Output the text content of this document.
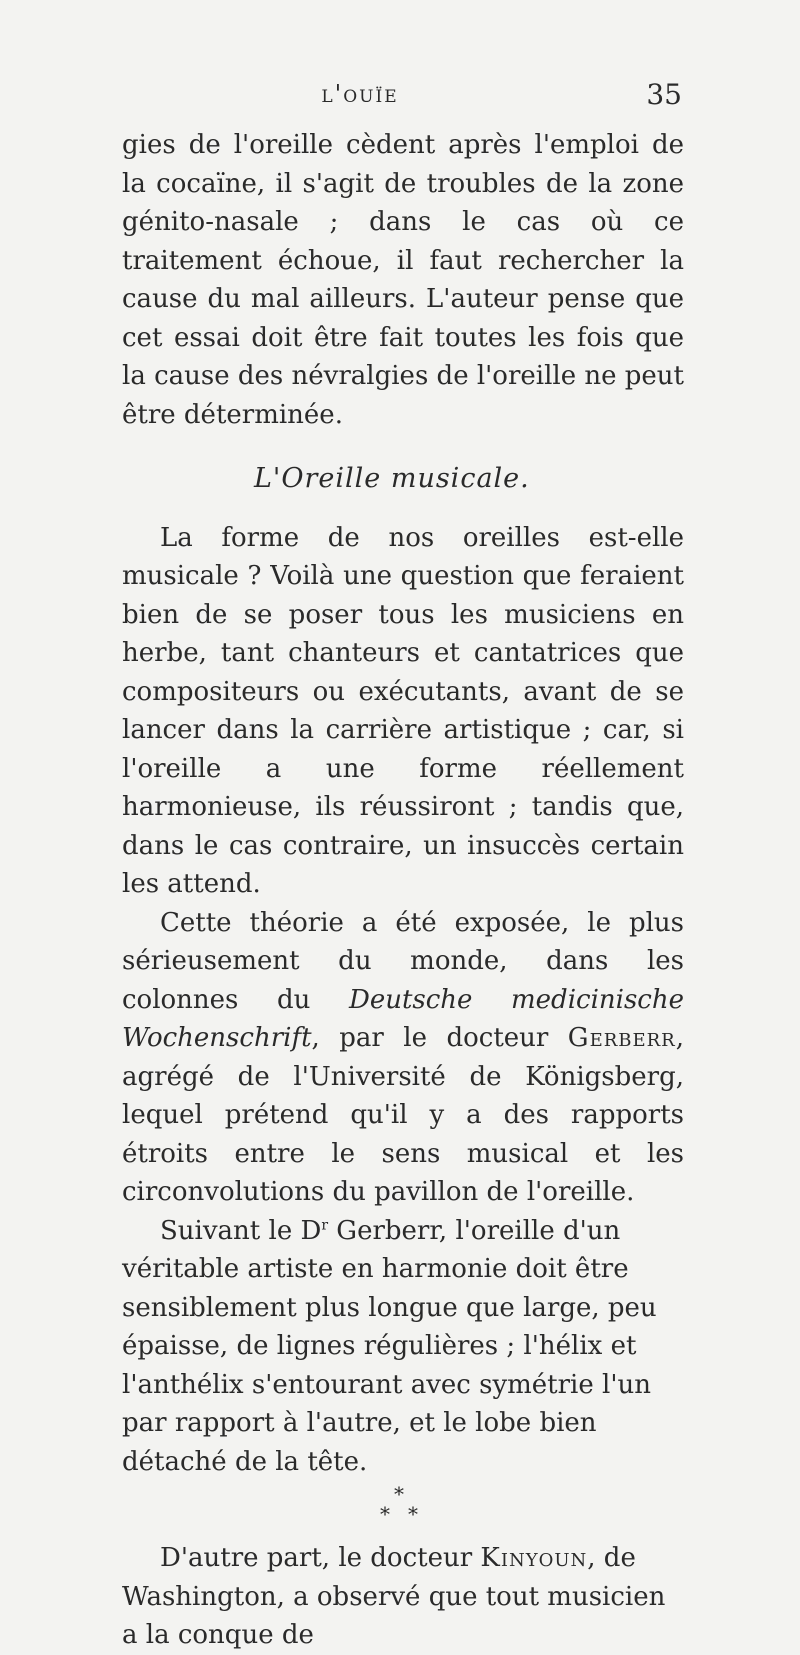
l'ouïe	35

gies de l'oreille cèdent après l'emploi de la cocaïne, il s'agit de troubles de la zone génito-nasale ; dans le cas où ce traitement échoue, il faut rechercher la cause du mal ailleurs. L'auteur pense que cet essai doit être fait toutes les fois que la cause des névralgies de l'oreille ne peut être déterminée.

L'Oreille musicale.

La forme de nos oreilles est-elle musicale ? Voilà une question que feraient bien de se poser tous les musiciens en herbe, tant chanteurs et cantatrices que compositeurs ou exécutants, avant de se lancer dans la carrière artistique ; car, si l'oreille a une forme réellement harmonieuse, ils réussiront ; tandis que, dans le cas contraire, un insuccès certain les attend.

Cette théorie a été exposée, le plus sérieusement du monde, dans les colonnes du Deutsche medicinische Wochenschrift, par le docteur Gerberr, agrégé de l'Université de Königsberg, lequel prétend qu'il y a des rapports étroits entre le sens musical et les circonvolutions du pavillon de l'oreille.

Suivant le $D^r$ Gerberr, l'oreille d'un véritable artiste en harmonie doit être sensiblement plus longue que large, peu épaisse, de lignes régulières ; l'hélix et l'anthélix s'entourant avec symétrie l'un par rapport à l'autre, et le lobe bien détaché de la tête.

*
* *

D'autre part, le docteur Kinyoun, de Washington, a observé que tout musicien a la conque de
